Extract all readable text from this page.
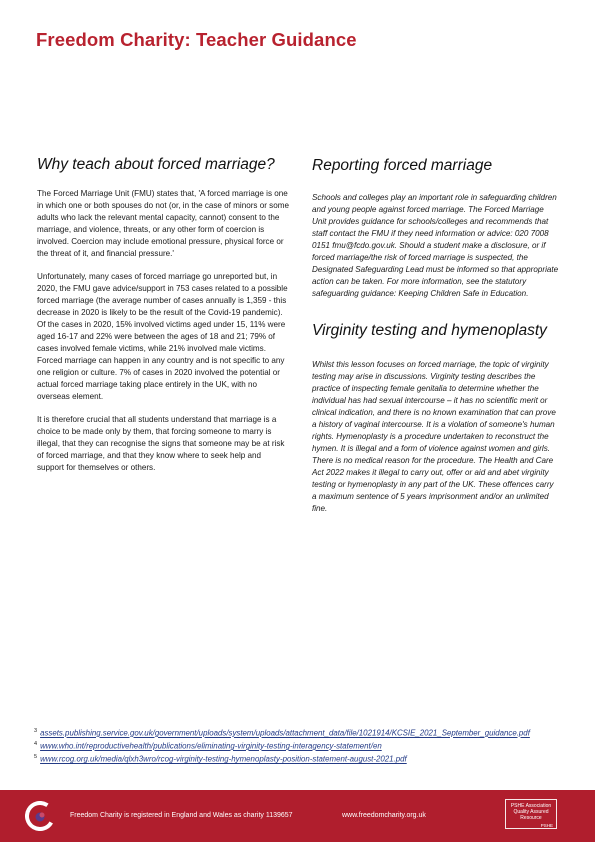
Freedom Charity: Teacher Guidance
Why teach about forced marriage?

The Forced Marriage Unit (FMU) states that, 'A forced marriage is one in which one or both spouses do not (or, in the case of minors or some adults who lack the relevant mental capacity, cannot) consent to the marriage, and violence, threats, or any other form of coercion is involved. Coercion may include emotional pressure, physical force or the threat of it, and financial pressure.'

Unfortunately, many cases of forced marriage go unreported but, in 2020, the FMU gave advice/support in 753 cases related to a possible forced marriage (the average number of cases annually is 1,359 - this decrease in 2020 is likely to be the result of the Covid-19 pandemic). Of the cases in 2020, 15% involved victims aged under 15, 11% were aged 16-17 and 22% were between the ages of 18 and 21; 79% of cases involved female victims, while 21% involved male victims. Forced marriage can happen in any country and is not specific to any one religion or culture. 7% of cases in 2020 involved the potential or actual forced marriage taking place entirely in the UK, with no overseas element.

It is therefore crucial that all students understand that marriage is a choice to be made only by them, that forcing someone to marry is illegal, that they can recognise the signs that someone may be at risk of forced marriage, and that they know where to seek help and support for themselves or others.

Reporting forced marriage

Schools and colleges play an important role in safeguarding children and young people against forced marriage. The Forced Marriage Unit provides guidance for schools/colleges and recommends that staff contact the FMU if they need information or advice: 020 7008 0151 fmu@fcdo.gov.uk. Should a student make a disclosure, or if forced marriage/the risk of forced marriage is suspected, the Designated Safeguarding Lead must be informed so that appropriate action can be taken. For more information, see the statutory safeguarding guidance: Keeping Children Safe in Education.

Virginity testing and hymenoplasty

Whilst this lesson focuses on forced marriage, the topic of virginity testing may arise in discussions. Virginity testing describes the practice of inspecting female genitalia to determine whether the individual has had sexual intercourse – it has no scientific merit or clinical indication, and there is no known examination that can prove a history of vaginal intercourse. It is a violation of someone's human rights. Hymenoplasty is a procedure undertaken to reconstruct the hymen. It is illegal and a form of violence against women and girls. There is no medical reason for the procedure. The Health and Care Act 2022 makes it illegal to carry out, offer or aid and abet virginity testing or hymenoplasty in any part of the UK. These offences carry a maximum sentence of 5 years imprisonment and/or an unlimited fine.

$^3$ assets.publishing.service.gov.uk/government/uploads/system/uploads/attachment_data/file/1021914/KCSIE_2021_September_guidance.pdf
$^4$ www.who.int/reproductivehealth/publications/eliminating-virginity-testing-interagency-statement/en
$^5$ www.rcog.org.uk/media/qlxh3wro/rcog-virginity-testing-hymenoplasty-position-statement-august-2021.pdf
Freedom Charity is registered in England and Wales as charity 1139657	www.freedomcharity.org.uk
PSHE Association Quality Assured Resource
PSHE
